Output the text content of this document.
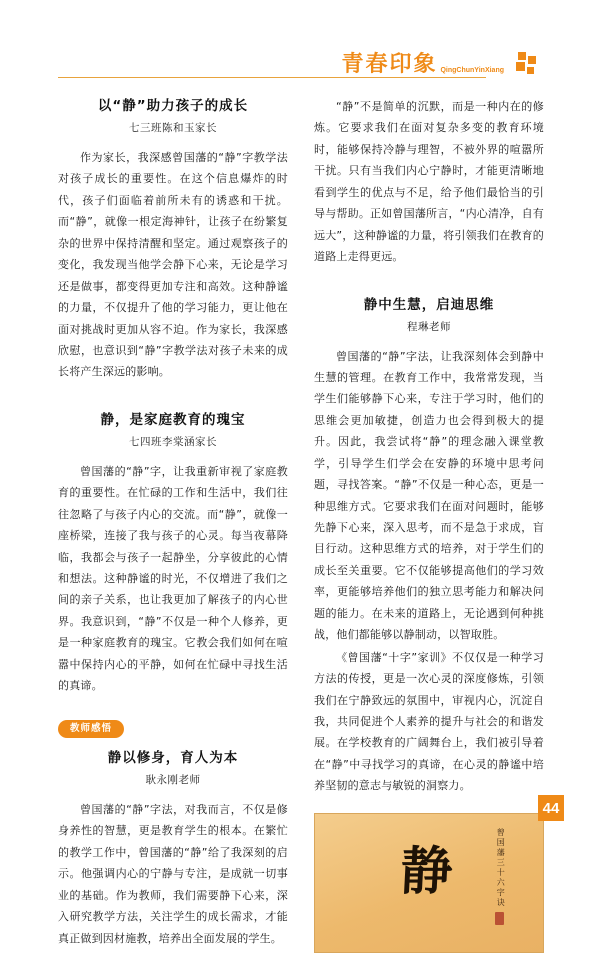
青春印象 QingChunYinXiang
以“静”助力孩子的成长
七三班陈和玉家长

作为家长，我深感曾国藩的“静”字教学法对孩子成长的重要性。在这个信息爆炸的时代，孩子们面临着前所未有的诱惑和干扰。而“静”，就像一根定海神针，让孩子在纷繁复杂的世界中保持清醒和坚定。通过观察孩子的变化，我发现当他学会静下心来，无论是学习还是做事，都变得更加专注和高效。这种静谧的力量，不仅提升了他的学习能力，更让他在面对挑战时更加从容不迫。作为家长，我深感欣慰，也意识到“静”字教学法对孩子未来的成长将产生深远的影响。

静，是家庭教育的瑰宝
七四班李棠涵家长

曾国藩的“静”字，让我重新审视了家庭教育的重要性。在忙碌的工作和生活中，我们往往忽略了与孩子内心的交流。而“静”，就像一座桥梁，连接了我与孩子的心灵。每当夜幕降临，我都会与孩子一起静坐，分享彼此的心情和想法。这种静谧的时光，不仅增进了我们之间的亲子关系，也让我更加了解孩子的内心世界。我意识到，“静”不仅是一种个人修养，更是一种家庭教育的瑰宝。它教会我们如何在喧嚣中保持内心的平静，如何在忙碌中寻找生活的真谛。

教师感悟
静以修身，育人为本
耿永刚老师

曾国藩的“静”字法，对我而言，不仅是修身养性的智慧，更是教育学生的根本。在繁忙的教学工作中，曾国藩的“静”给了我深刻的启示。他强调内心的宁静与专注，是成就一切事业的基础。作为教师，我们需要静下心来，深入研究教学方法，关注学生的成长需求，才能真正做到因材施教，培养出全面发展的学生。

“静”不是简单的沉默，而是一种内在的修炼。它要求我们在面对复杂多变的教育环境时，能够保持冷静与理智，不被外界的喧嚣所干扰。只有当我们内心宁静时，才能更清晰地看到学生的优点与不足，给予他们最恰当的引导与帮助。正如曾国藩所言，“内心清净，自有远大”，这种静谧的力量，将引领我们在教育的道路上走得更远。

静中生慧，启迪思维
程琳老师

曾国藩的“静”字法，让我深刻体会到静中生慧的管理。在教育工作中，我常常发现，当学生们能够静下心来，专注于学习时，他们的思维会更加敏捷，创造力也会得到极大的提升。因此，我尝试将“静”的理念融入课堂教学，引导学生们学会在安静的环境中思考问题，寻找答案。“静”不仅是一种心态，更是一种思维方式。它要求我们在面对问题时，能够先静下心来，深入思考，而不是急于求成，盲目行动。这种思维方式的培养，对于学生们的成长至关重要。它不仅能够提高他们的学习效率，更能够培养他们的独立思考能力和解决问题的能力。在未来的道路上，无论遇到何种挑战，他们都能够以静制动，以智取胜。

《曾国藩“十字”家训》不仅仅是一种学习方法的传授，更是一次心灵的深度修炼，引领我们在宁静致远的氛围中，审视内心，沉淀自我，共同促进个人素养的提升与社会的和谐发展。在学校教育的广阔舞台上，我们被引导着在“静”中寻找学习的真谛，在心灵的静谧中培养坚韧的意志与敏锐的洞察力。

曾国藩三十六字诀
静
44
